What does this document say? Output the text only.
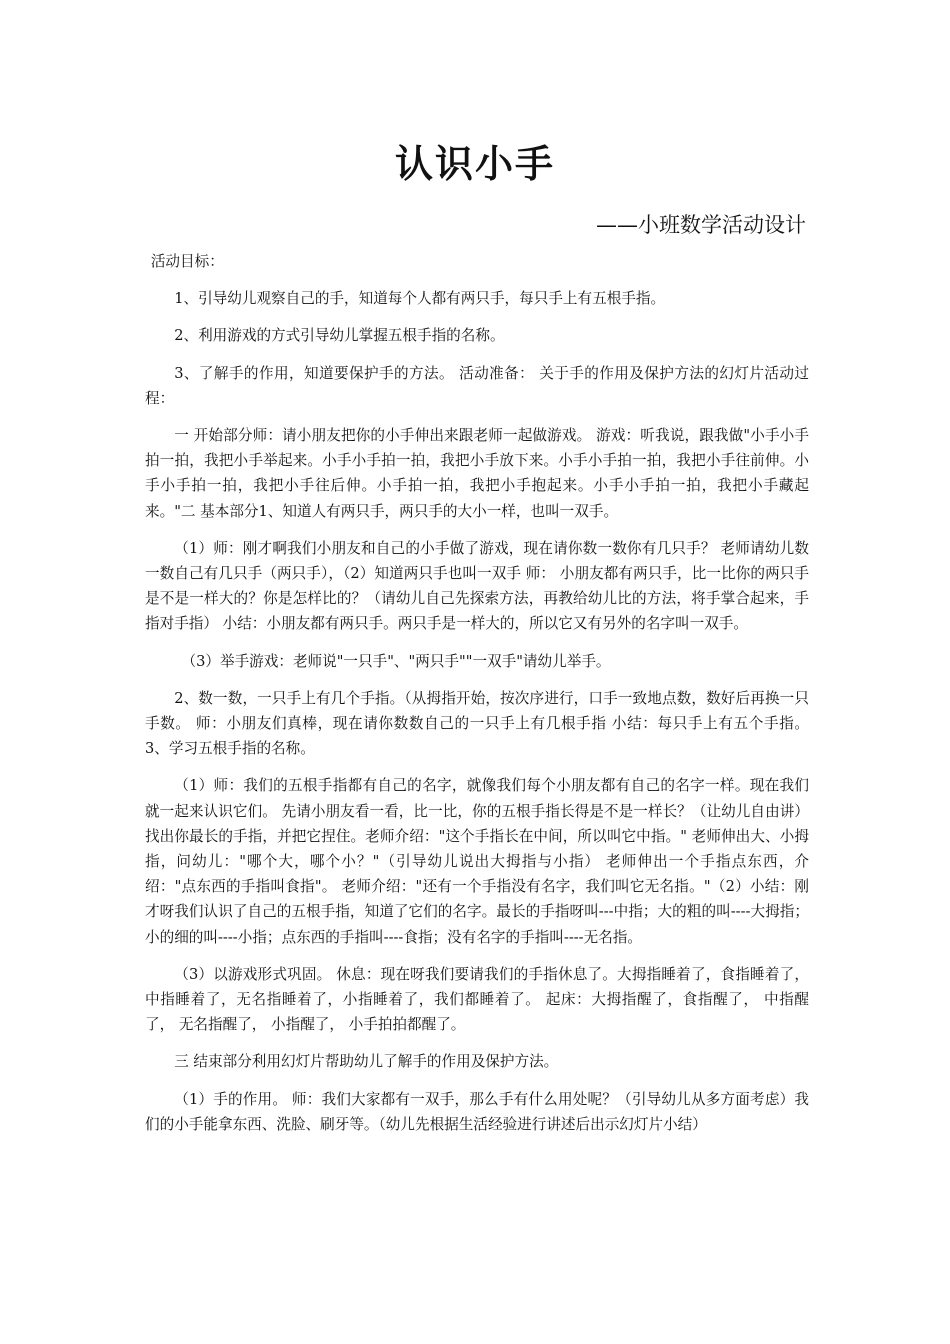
认识小手
——小班数学活动设计

活动目标：

1、引导幼儿观察自己的手，知道每个人都有两只手，每只手上有五根手指。

2、利用游戏的方式引导幼儿掌握五根手指的名称。

3、了解手的作用，知道要保护手的方法。 活动准备： 关于手的作用及保护方法的幻灯片活动过程：

一 开始部分师：请小朋友把你的小手伸出来跟老师一起做游戏。 游戏：听我说，跟我做"小手小手拍一拍，我把小手举起来。小手小手拍一拍，我把小手放下来。小手小手拍一拍，我把小手往前伸。小手小手拍一拍，我把小手往后伸。小手拍一拍，我把小手抱起来。小手小手拍一拍，我把小手藏起来。"二 基本部分1、知道人有两只手，两只手的大小一样，也叫一双手。

（1）师：刚才啊我们小朋友和自己的小手做了游戏，现在请你数一数你有几只手？ 老师请幼儿数一数自己有几只手（两只手），（2）知道两只手也叫一双手 师： 小朋友都有两只手，比一比你的两只手是不是一样大的？你是怎样比的？（请幼儿自己先探索方法，再教给幼儿比的方法，将手掌合起来，手指对手指） 小结：小朋友都有两只手。两只手是一样大的，所以它又有另外的名字叫一双手。

（3）举手游戏：老师说"一只手"、"两只手""一双手"请幼儿举手。

2、数一数，一只手上有几个手指。（从拇指开始，按次序进行，口手一致地点数，数好后再换一只手数。 师：小朋友们真棒，现在请你数数自己的一只手上有几根手指 小结：每只手上有五个手指。 3、学习五根手指的名称。

（1）师：我们的五根手指都有自己的名字，就像我们每个小朋友都有自己的名字一样。现在我们就一起来认识它们。 先请小朋友看一看，比一比，你的五根手指长得是不是一样长？（让幼儿自由讲） 找出你最长的手指，并把它捏住。老师介绍："这个手指长在中间，所以叫它中指。" 老师伸出大、小拇指，问幼儿："哪个大，哪个小？"（引导幼儿说出大拇指与小指） 老师伸出一个手指点东西，介绍："点东西的手指叫食指"。 老师介绍："还有一个手指没有名字，我们叫它无名指。"（2）小结：刚才呀我们认识了自己的五根手指，知道了它们的名字。最长的手指呀叫---中指；大的粗的叫----大拇指；小的细的叫----小指；点东西的手指叫----食指；没有名字的手指叫----无名指。

（3）以游戏形式巩固。 休息：现在呀我们要请我们的手指休息了。大拇指睡着了，食指睡着了，中指睡着了，无名指睡着了，小指睡着了，我们都睡着了。 起床：大拇指醒了，食指醒了， 中指醒了， 无名指醒了， 小指醒了， 小手拍拍都醒了。

三 结束部分利用幻灯片帮助幼儿了解手的作用及保护方法。

（1）手的作用。 师：我们大家都有一双手，那么手有什么用处呢？（引导幼儿从多方面考虑）我们的小手能拿东西、洗脸、刷牙等。（幼儿先根据生活经验进行讲述后出示幻灯片小结）
